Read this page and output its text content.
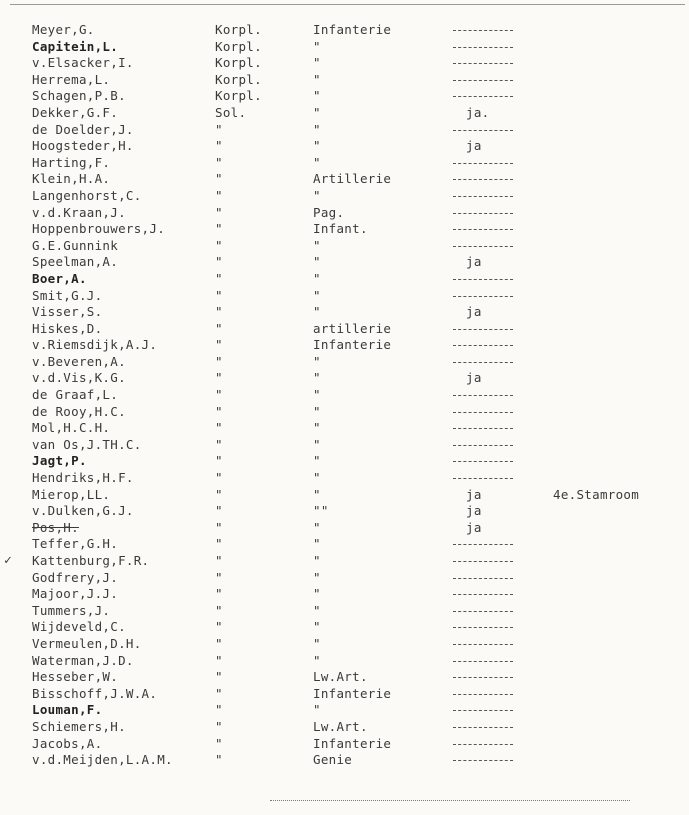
Meyer,G.	Korpl.	Infanterie
Capitein,L.	Korpl.	"
v.Elsacker,I.	Korpl.	"
Herrema,L.	Korpl.	"
Schagen,P.B.	Korpl.	"
Dekker,G.F.	Sol.	"	ja.
de Doelder,J.	"	"
Hoogsteder,H.	"	"	ja
Harting,F.	"	"
Klein,H.A.	"	Artillerie
Langenhorst,C.	"	"
v.d.Kraan,J.	"	Pag.
Hoppenbrouwers,J.	"	Infant.
G.E.Gunnink	"	"
Speelman,A.	"	"	ja
Boer,A.	"	"
Smit,G.J.	"	"
Visser,S.	"	"	ja
Hiskes,D.	"	artillerie
v.Riemsdijk,A.J.	"	Infanterie
v.Beveren,A.	"	"
v.d.Vis,K.G.	"	"	ja
de Graaf,L.	"	"
de Rooy,H.C.	"	"
Mol,H.C.H.	"	"
van Os,J.TH.C.	"	"
Jagt,P.	"	"
Hendriks,H.F.	"	"
Mierop,LL.	"	"	ja	4e.Stamroom
v.Dulken,G.J.	"	""	ja
Pos,H.	"	"	ja
Teffer,G.H.	"	"
✓ Kattenburg,F.R.	"	"
Godfrery,J.	"	"
Majoor,J.J.	"	"
Tummers,J.	"	"
Wijdeveld,C.	"	"
Vermeulen,D.H.	"	"
Waterman,J.D.	"	"
Hesseber,W.	"	Lw.Art.
Bisschoff,J.W.A.	"	Infanterie
Louman,F.	"	"
Schiemers,H.	"	Lw.Art.
Jacobs,A.	"	Infanterie
v.d.Meijden,L.A.M.	"	Genie
